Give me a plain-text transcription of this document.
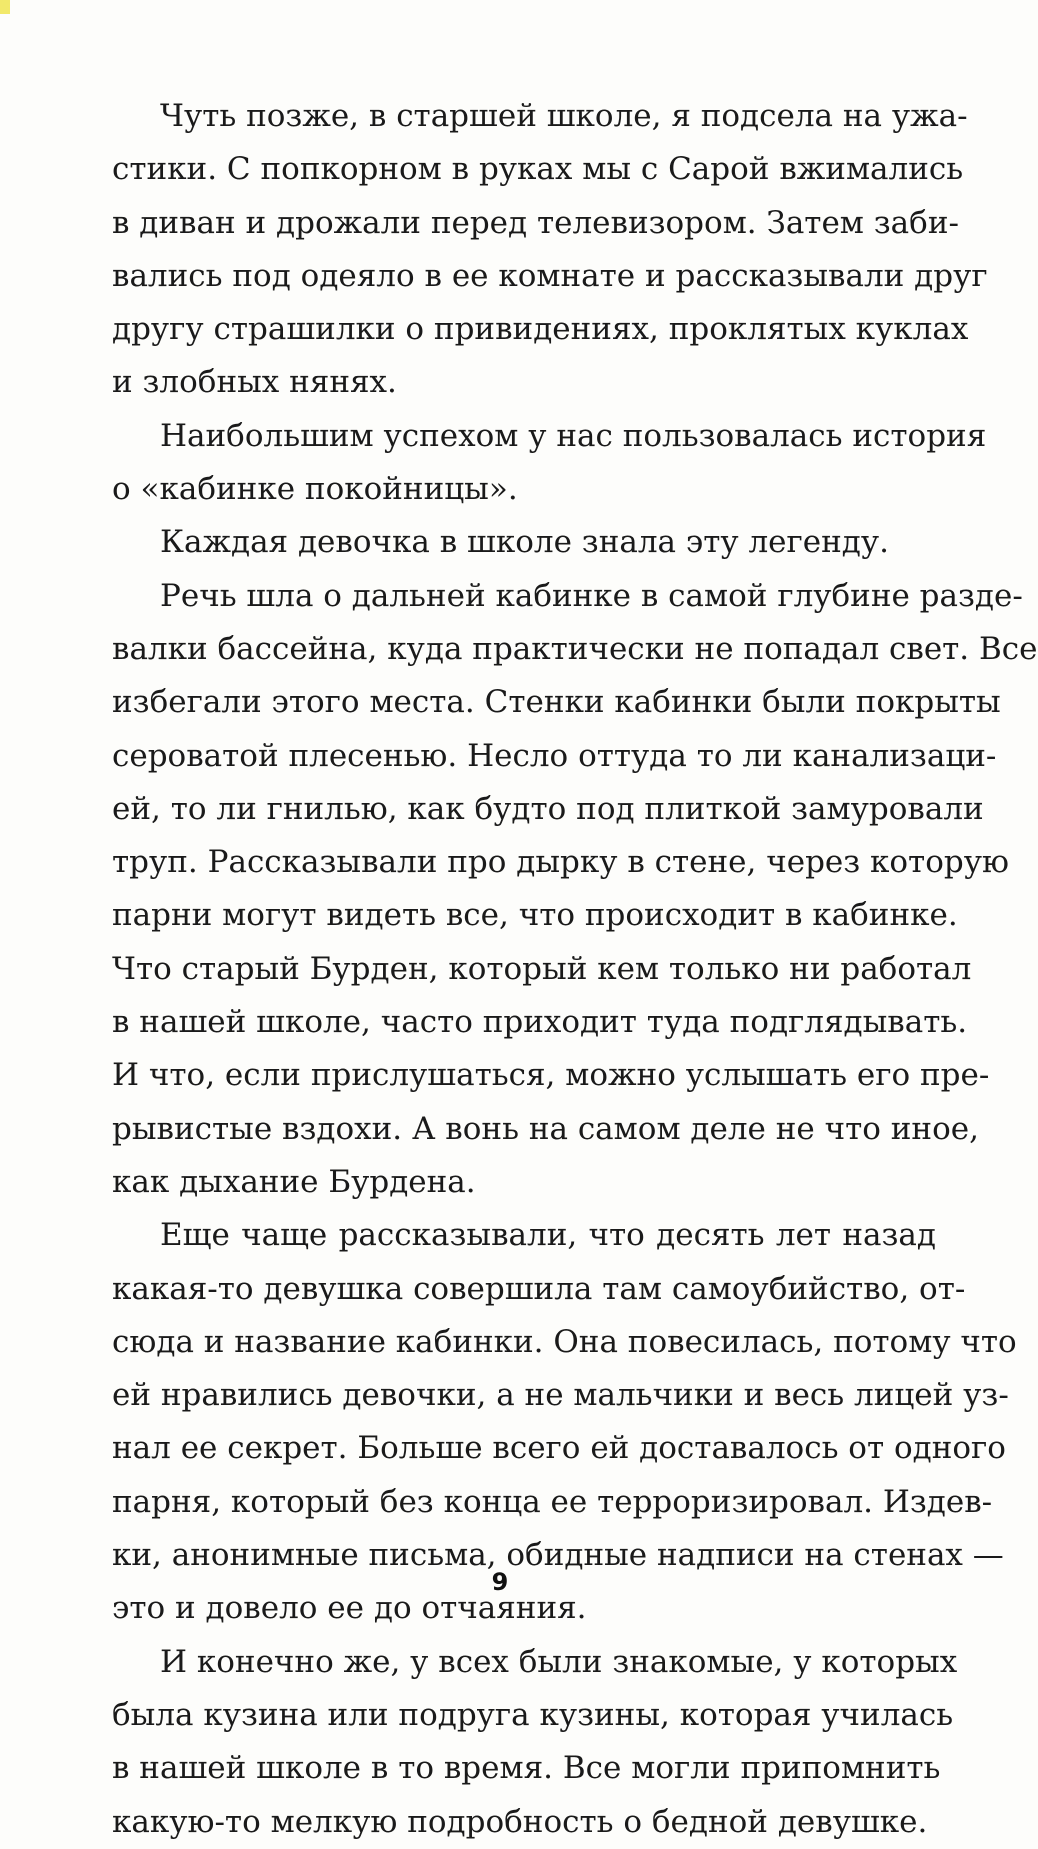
Чуть позже, в старшей школе, я подсела на ужа-
стики. С попкорном в руках мы с Сарой вжимались
в диван и дрожали перед телевизором. Затем заби-
вались под одеяло в ее комнате и рассказывали друг
другу страшилки о привидениях, проклятых куклах
и злобных нянях.

Наибольшим успехом у нас пользовалась история
о «кабинке покойницы».

Каждая девочка в школе знала эту легенду.

Речь шла о дальней кабинке в самой глубине разде-
валки бассейна, куда практически не попадал свет. Все
избегали этого места. Стенки кабинки были покрыты
сероватой плесенью. Несло оттуда то ли канализаци-
ей, то ли гнилью, как будто под плиткой замуровали
труп. Рассказывали про дырку в стене, через которую
парни могут видеть все, что происходит в кабинке.
Что старый Бурден, который кем только ни работал
в нашей школе, часто приходит туда подглядывать.
И что, если прислушаться, можно услышать его пре-
рывистые вздохи. А вонь на самом деле не что иное,
как дыхание Бурдена.

Еще чаще рассказывали, что десять лет назад
какая-то девушка совершила там самоубийство, от-
сюда и название кабинки. Она повесилась, потому что
ей нравились девочки, а не мальчики и весь лицей уз-
нал ее секрет. Больше всего ей доставалось от одного
парня, который без конца ее терроризировал. Издев-
ки, анонимные письма, обидные надписи на стенах —
это и довело ее до отчаяния.

И конечно же, у всех были знакомые, у которых
была кузина или подруга кузины, которая училась
в нашей школе в то время. Все могли припомнить
какую-то мелкую подробность о бедной девушке.

9
